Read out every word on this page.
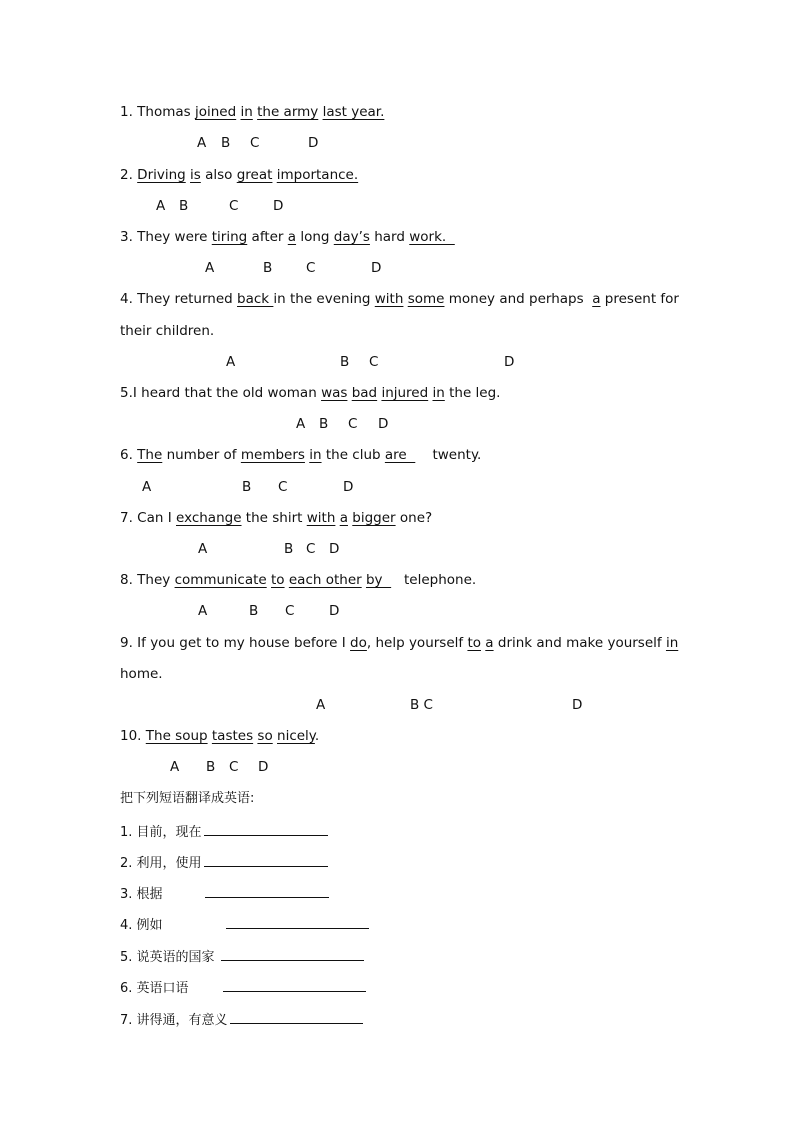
1. Thomas joined in the army last year.
A B C	D
2. Driving is also great importance.
A B	C	D
3. They were tiring after a long day’s hard work.
A	B C	D
4. They returned back in the evening with some money and perhaps  a present for
their children.
A	B C	D
5.I heard that the old woman was bad injured in the leg.
A B C D
6. The number of members in the club are      twenty.
A	B C	D
7. Can I exchange the shirt with a bigger one?
A	B C D
8. They communicate to each other by     telephone.
A	B C	D
9. If you get to my house before I do, help yourself to a drink and make yourself in
home.
A	B C	D
10. The soup tastes so nicely.
A B C D
把下列短语翻译成英语:
1. 目前，现在
2. 利用，使用
3. 根据
4. 例如
5. 说英语的国家
6. 英语口语
7. 讲得通，有意义
